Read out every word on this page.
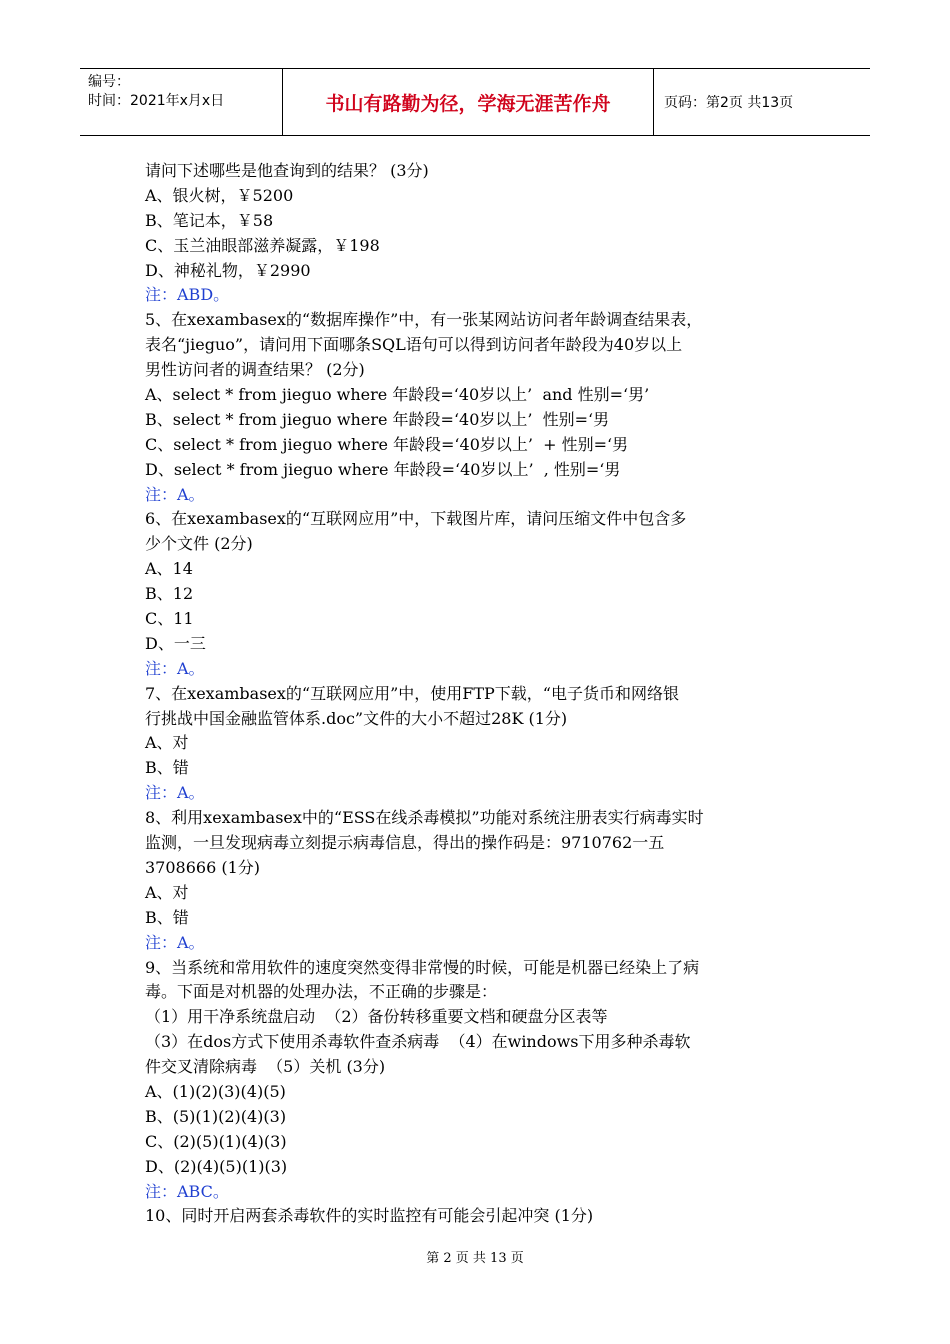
编号：
时间：2021年x月x日	书山有路勤为径，学海无涯苦作舟	页码：第2页 共13页
请问下述哪些是他查询到的结果？ (3分)
A、银火树，￥5200
B、笔记本，￥58
C、玉兰油眼部滋养凝露，￥198
D、神秘礼物，￥2990
注：ABD。
5、在xexambasex的“数据库操作”中，有一张某网站访问者年龄调查结果表，
表名“jieguo”，请问用下面哪条SQL语句可以得到访问者年龄段为40岁以上
男性访问者的调查结果？ (2分)
A、select * from jieguo where 年龄段=‘40岁以上’  and 性别=‘男’
B、select * from jieguo where 年龄段=‘40岁以上’  性别=‘男
C、select * from jieguo where 年龄段=‘40岁以上’  + 性别=‘男
D、select * from jieguo where 年龄段=‘40岁以上’  , 性别=‘男
注：A。
6、在xexambasex的“互联网应用”中，下载图片库，请问压缩文件中包含多
少个文件 (2分)
A、14
B、12
C、11
D、一三
注：A。
7、在xexambasex的“互联网应用”中，使用FTP下载，“电子货币和网络银
行挑战中国金融监管体系.doc”文件的大小不超过28K (1分)
A、对
B、错
注：A。
8、利用xexambasex中的“ESS在线杀毒模拟”功能对系统注册表实行病毒实时
监测，一旦发现病毒立刻提示病毒信息，得出的操作码是：9710762一五
3708666 (1分)
A、对
B、错
注：A。
9、当系统和常用软件的速度突然变得非常慢的时候，可能是机器已经染上了病
毒。下面是对机器的处理办法，不正确的步骤是：
（1）用干净系统盘启动  （2）备份转移重要文档和硬盘分区表等
（3）在dos方式下使用杀毒软件查杀病毒  （4）在windows下用多种杀毒软
件交叉清除病毒  （5）关机 (3分)
A、(1)(2)(3)(4)(5)
B、(5)(1)(2)(4)(3)
C、(2)(5)(1)(4)(3)
D、(2)(4)(5)(1)(3)
注：ABC。
10、同时开启两套杀毒软件的实时监控有可能会引起冲突 (1分)
第 2 页 共 13 页
